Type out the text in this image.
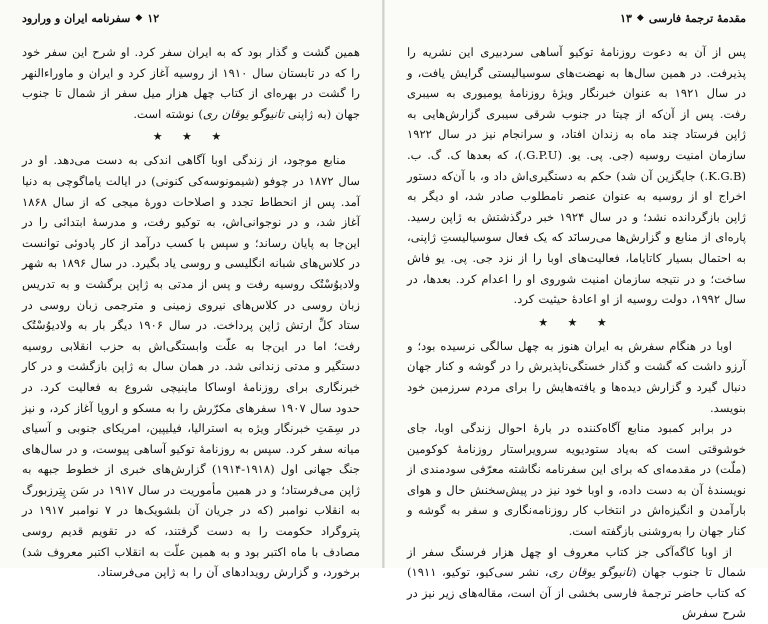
۱۲
◆
سفرنامه ایران و ورارود

همین گشت و گذار بود که به ایران سفر کرد. او شرح این سفر خود را که در تابستان سال ۱۹۱۰ از روسیه آغاز کرد و ایران و ماوراءالنهر را گشت در بهره‌ای از کتاب چهل هزار میل سفر از شمال تا جنوب جهان (به ژاپنی تانیوگو یوقان ری) نوشته است.

★ ★ ★

منابع موجود، از زندگی اوبا آگاهی اندکی به دست می‌دهد. او در سال ۱۸۷۲ در چوفو (شیمونوسه‌کی کنونی) در ایالت یاماگوچی به دنیا آمد. پس از انحطاط تجدد و اصلاحات دورهٔ میجی که از سال ۱۸۶۸ آغاز شد، و در نوجوانی‌اش، به توکیو رفت، و مدرسهٔ ابتدائی را در این‌جا به پایان رساند؛ و سپس با کسب درآمد از کار پادوئی توانست در کلاس‌های شبانه انگلیسی و روسی یاد بگیرد. در سال ۱۸۹۶ به شهر ولادیوُسْتُک روسیه رفت و پس از مدتی به ژاپن برگشت و به تدریس زبان روسی در کلاس‌های نیروی زمینی و مترجمی زبان روسی در ستاد کلِّ ارتش ژاپن پرداخت. در سال ۱۹۰۶ دیگر بار به ولادیوُسْتُک رفت؛ اما در این‌جا به علّت وابستگی‌اش به حزب انقلابی روسیه دستگیر و مدتی زندانی شد. در همان سال به ژاپن بازگشت و در کار خبرنگاری برای روزنامهٔ اوساکا ماینیچی شروع به فعالیت کرد. در حدود سال ۱۹۰۷ سفرهای مکرّرش را به مسکو و اروپا آغاز کرد، و نیز در سِمَتِ خبرنگار ویژه به استرالیا، فیلیپین، امریکای جنوبی و آسیای میانه سفر کرد. سپس به روزنامهٔ توکیو آساهی پیوست، و در سال‌های جنگ جهانی اول (۱۹۱۸-۱۹۱۴) گزارش‌های خبری از خطوط جبهه به ژاپن می‌فرستاد؛ و در همین مأموریت در سال ۱۹۱۷ در سَن پِتِرزبورگ به انقلاب نوامبر (که در جریان آن بلشویک‌ها در ۷ نوامبر ۱۹۱۷ در پتروگراد حکومت را به دست گرفتند، که در تقویم قدیم روسی مصادف با ماه اکتبر بود و به همین علّت به انقلاب اکتبر معروف شد) برخورد، و گزارش رویدادهای آن را به ژاپن می‌فرستاد.

مقدمهٔ ترجمهٔ فارسی
◆
۱۳

پس از آن به دعوت روزنامهٔ توکیو آساهی سردبیری این نشریه را پذیرفت. در همین سال‌ها به نهضت‌های سوسیالیستی گرایش یافت، و در سال ۱۹۲۱ به عنوان خبرنگار ویژهٔ روزنامهٔ یومیوری به سیبری رفت. پس از آن‌که از چیتا در جنوب شرقی سیبری گزارش‌هایی به ژاپن فرستاد چند ماه به زندان افتاد، و سرانجام نیز در سال ۱۹۲۲ سازمان امنیت روسیه (جی. پی. یو. (G.P.U.)، که بعدها ک. گ. ب. (K.G.B.) جایگزین آن شد) حکم به دستگیری‌اش داد و، با آن‌که دستور اخراج او از روسیه به عنوان عنصر نامطلوب صادر شد، او دیگر به ژاپن بازگردانده نشد؛ و در سال ۱۹۲۴ خبر درگذشتش به ژاپن رسید. پاره‌ای از منابع و گزارش‌ها می‌رسانَد که یک فعال سوسیالیستِ ژاپنی، به احتمال بسیار کاتایاما، فعالیت‌های اوبا را از نزد جی. پی. یو فاش ساخت؛ و در نتیجه سازمان امنیت شوروی او را اعدام کرد. بعدها، در سال ۱۹۹۲، دولت روسیه از او اعادهٔ حیثیت کرد.

★ ★ ★

اوبا در هنگام سفرش به ایران هنوز به چهل سالگی نرسیده بود؛ و آرزو داشت که گشت و گذار خستگی‌ناپذیرش را در گوشه و کنار جهان دنبال گیرد و گزارش دیده‌ها و یافته‌هایش را برای مردم سرزمین خود بنویسد.

در برابر کمبود منابع آگاه‌کننده در بارهٔ احوال زندگی اوبا، جای خوشوقتی است که به‌یاد ‌ستودیویه سرویراستار روزنامهٔ کوکومین (ملّت) در مقدمه‌ای که برای این سفرنامه نگاشته معرّفی سودمندی از نویسندهٔ آن به دست داده، و اوبا خود نیز در پیش‌سخنش حال و هوای بارآمدن و انگیزه‌اش در انتخاب کار روزنامه‌نگاری و سفر به گوشه و کنار جهان را به‌روشنی بازگفته است.

از اوبا کاگه‌آکی جز کتاب معروف او چهل هزار فرسنگ سفر از شمال تا جنوب جهان (تانیوگو یوقان ری، نشر سی‌کیو، توکیو، ۱۹۱۱) که کتاب حاضر ترجمهٔ فارسی بخشی از آن است، مقاله‌های زیر نیز در شرح سفرش
